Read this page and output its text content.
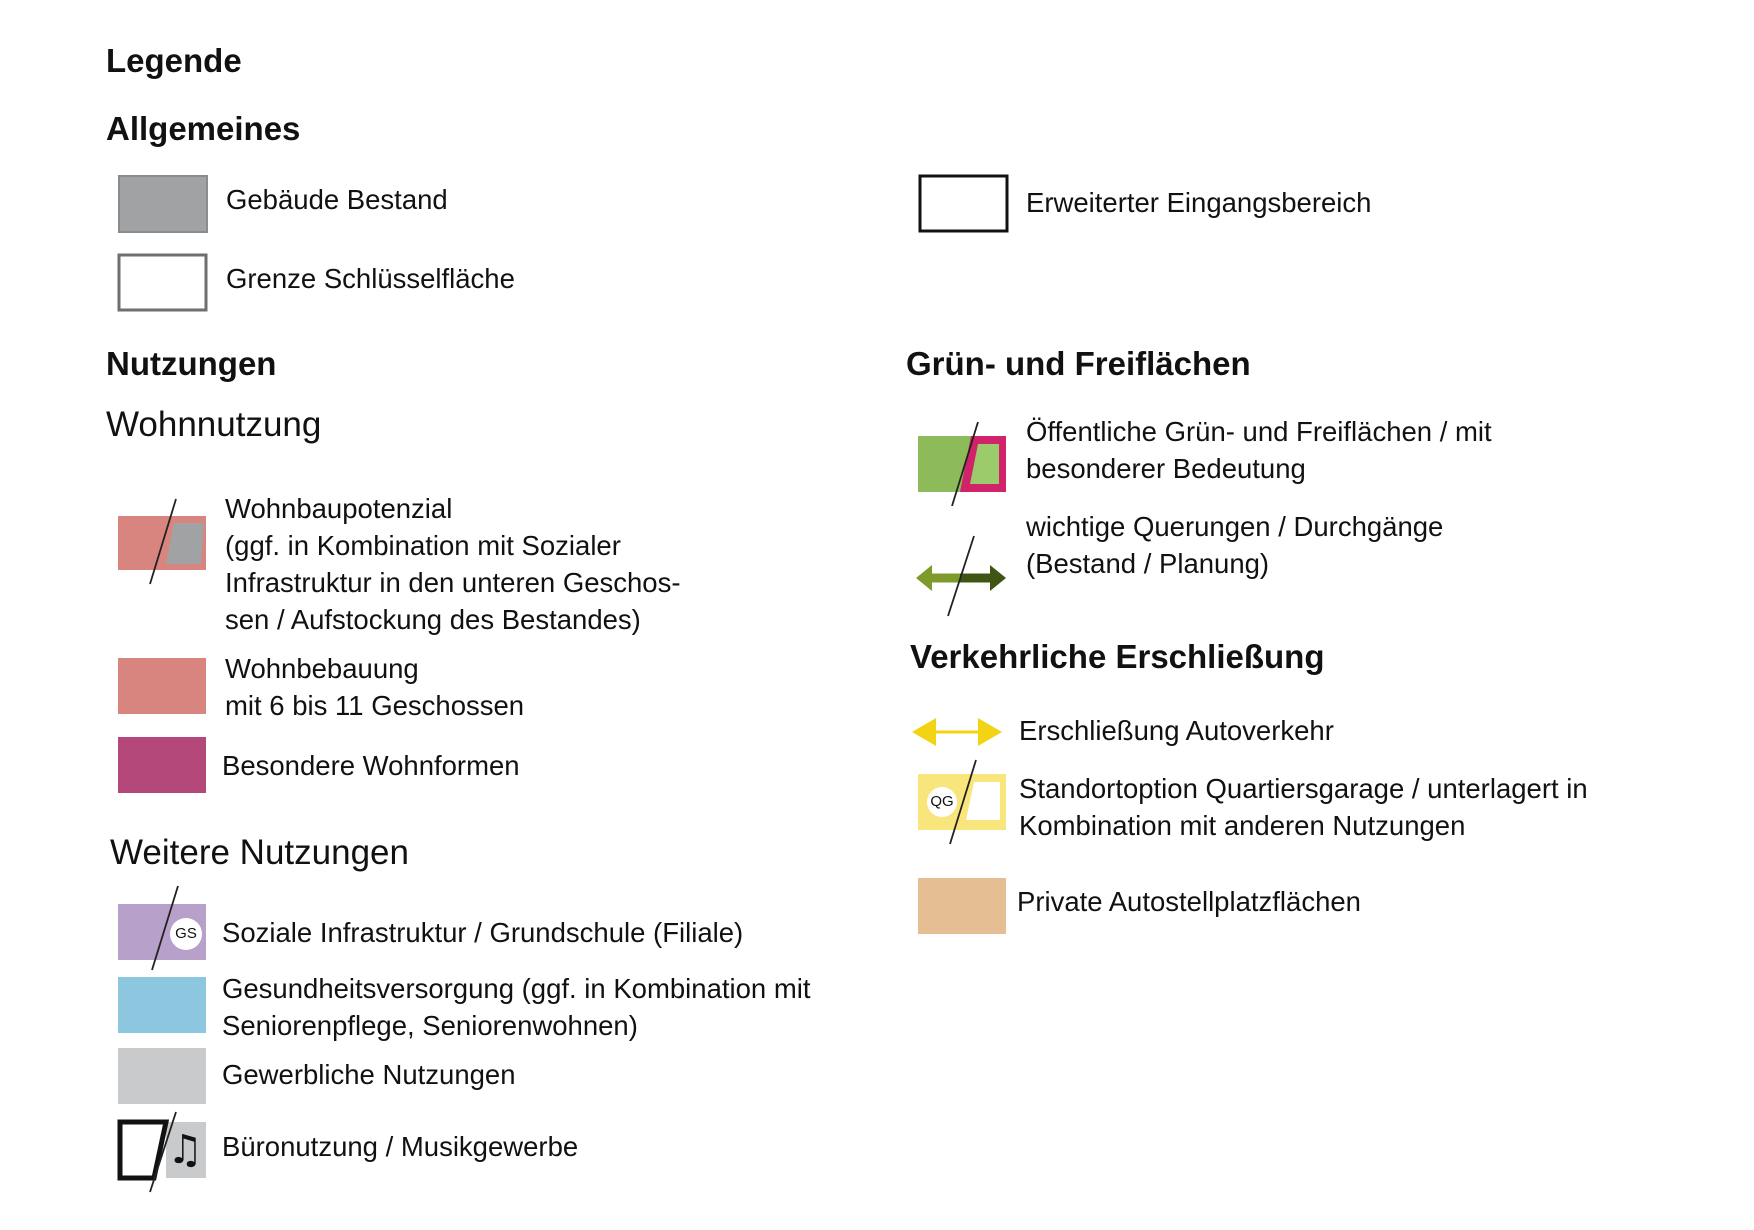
Legende
Allgemeines
Nutzungen
Wohnnutzung
Weitere Nutzungen
Grün- und Freiflächen
Verkehrliche Erschließung
Gebäude Bestand
Grenze Schlüsselfläche
Erweiterter Eingangsbereich
Wohnbaupotenzial
(ggf. in Kombination mit Sozialer
Infrastruktur in den unteren Geschos-
sen / Aufstockung des Bestandes)
Wohnbebauung
mit 6 bis 11 Geschossen
Besondere Wohnformen
GS Soziale Infrastruktur / Grundschule (Filiale)
Gesundheitsversorgung (ggf. in Kombination mit
Seniorenpflege, Seniorenwohnen)
Gewerbliche Nutzungen
♫ Büronutzung / Musikgewerbe
Öffentliche Grün- und Freiflächen / mit
besonderer Bedeutung
wichtige Querungen / Durchgänge
(Bestand / Planung)
Erschließung Autoverkehr
QG Standortoption Quartiersgarage / unterlagert in
Kombination mit anderen Nutzungen
Private Autostellplatzflächen
